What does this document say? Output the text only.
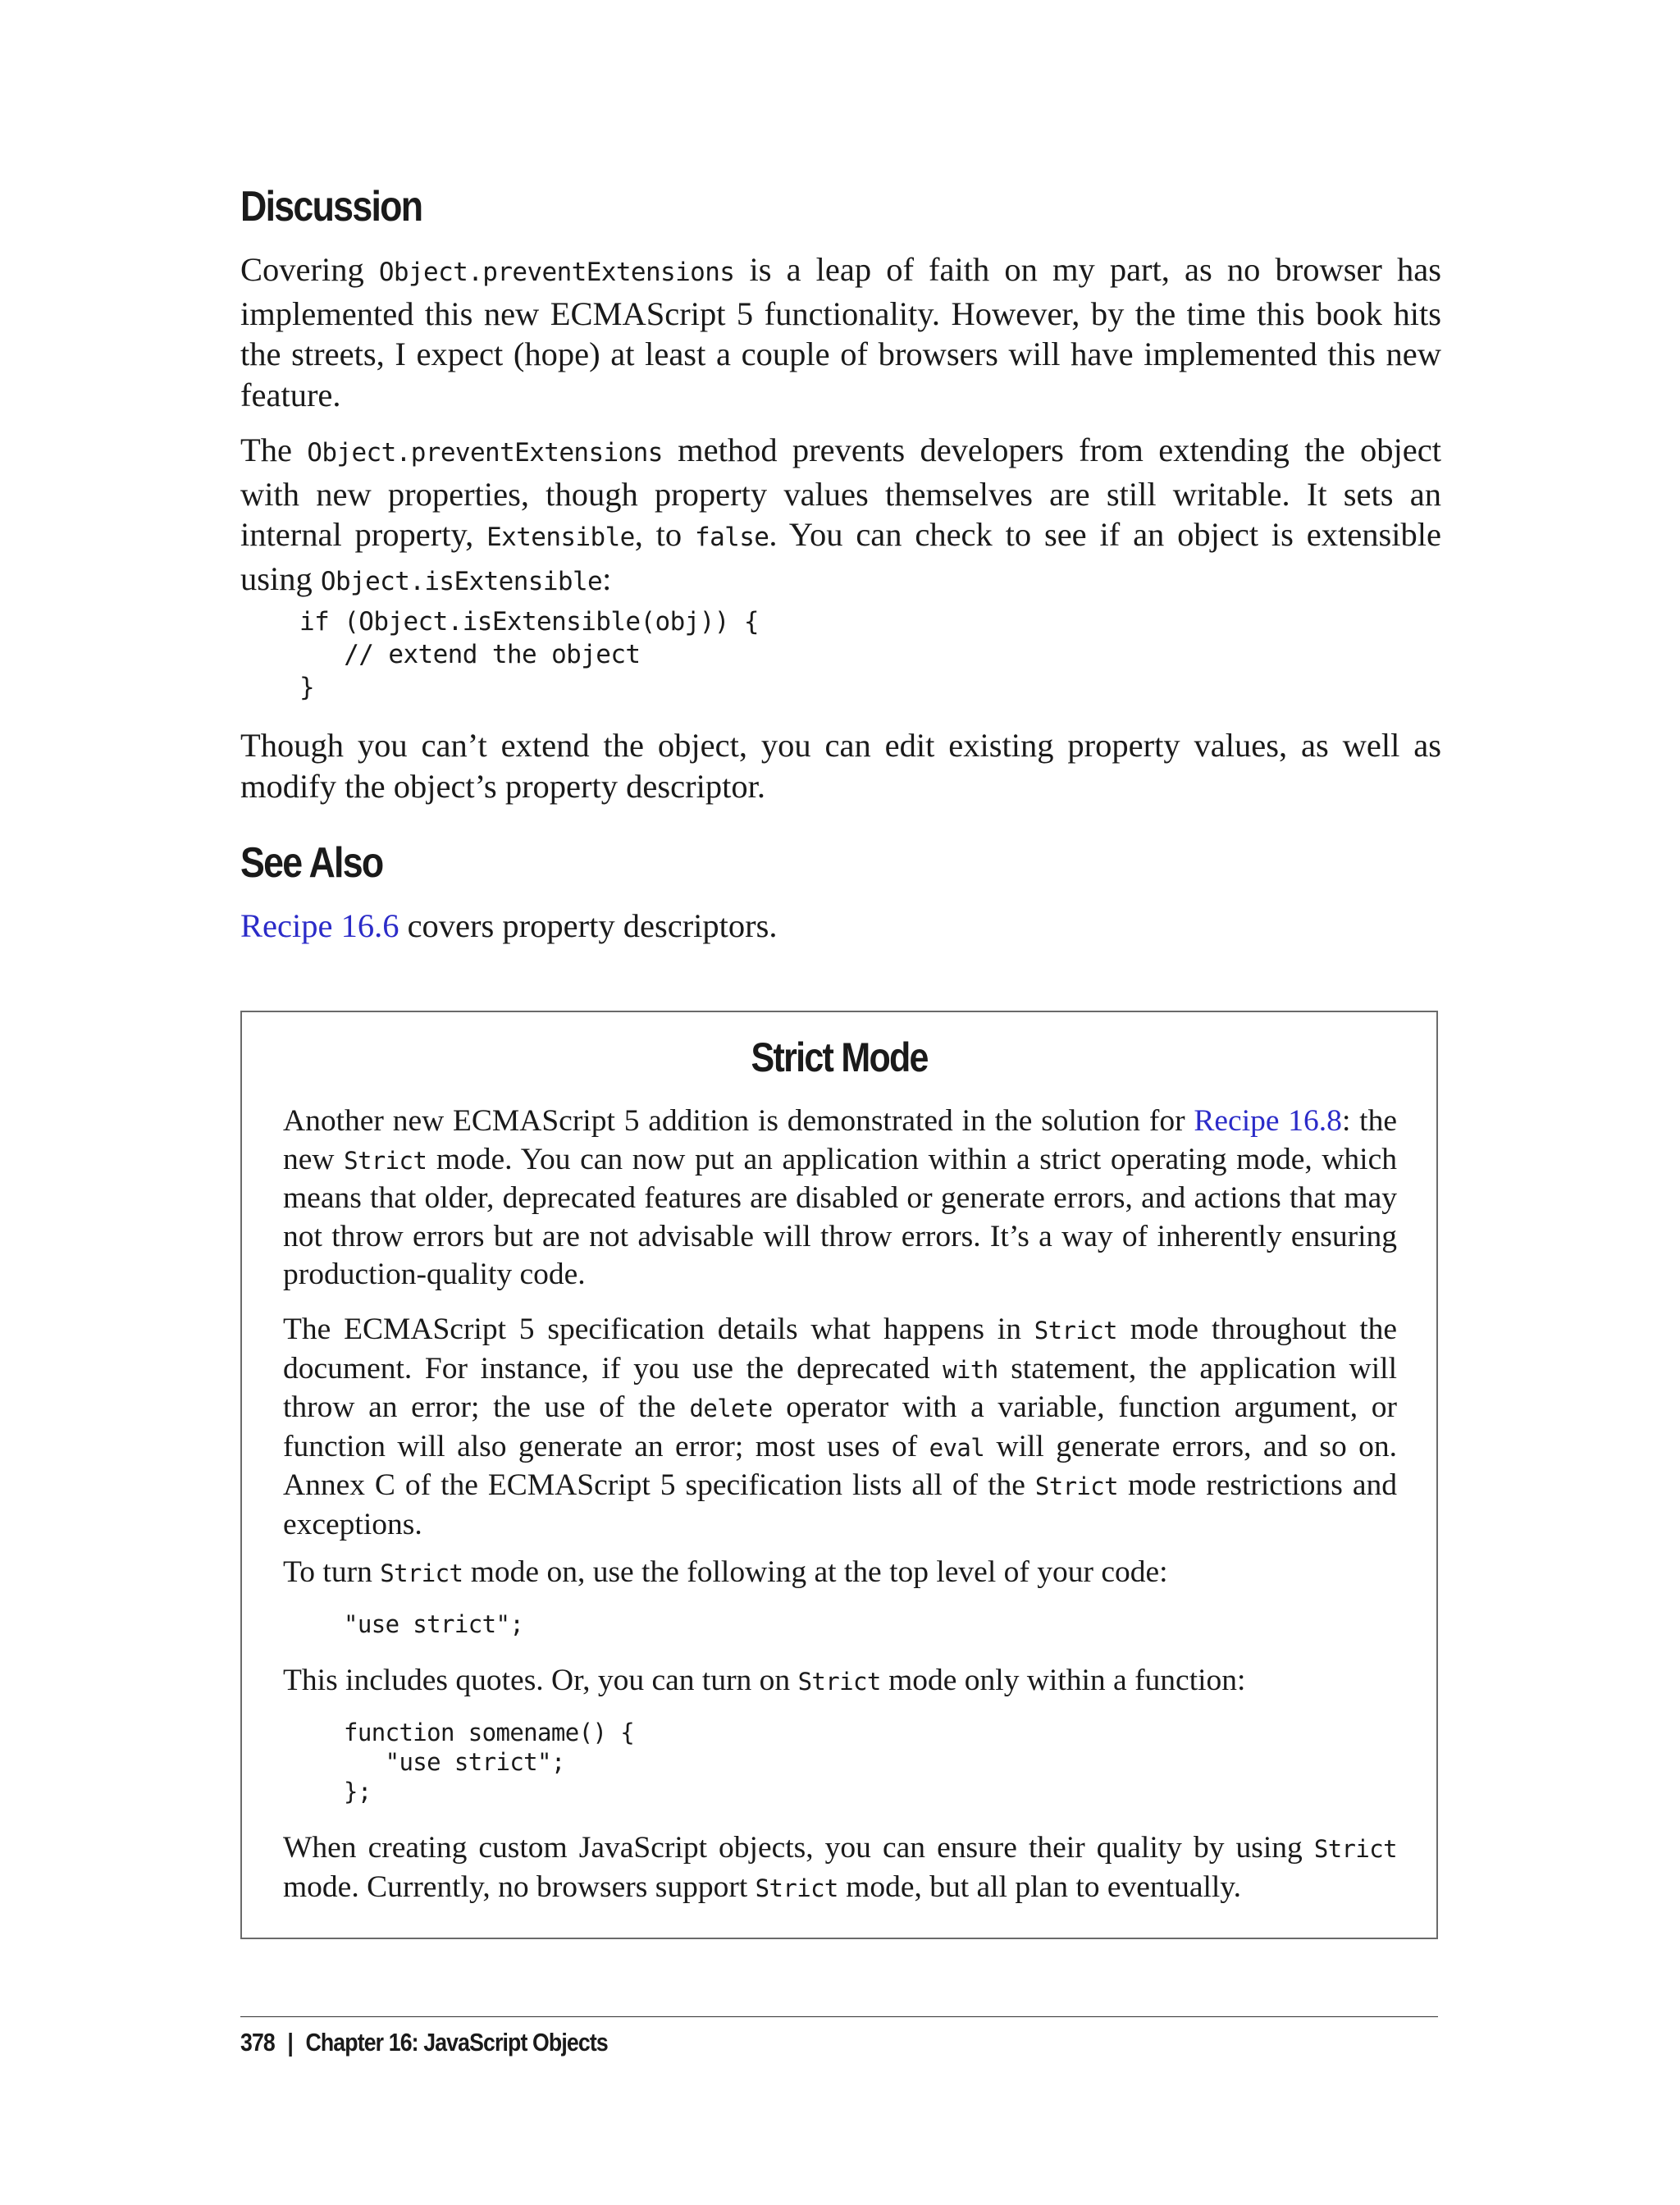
Discussion

Covering Object.preventExtensions is a leap of faith on my part, as no browser has implemented this new ECMAScript 5 functionality. However, by the time this book hits the streets, I expect (hope) at least a couple of browsers will have implemented this new feature.

The Object.preventExtensions method prevents developers from extending the object with new properties, though property values themselves are still writable. It sets an internal property, Extensible, to false. You can check to see if an object is extensible using Object.isExtensible:

if (Object.isExtensible(obj)) {
// extend the object
}

Though you can’t extend the object, you can edit existing property values, as well as modify the object’s property descriptor.

See Also

Recipe 16.6 covers property descriptors.

Strict Mode

Another new ECMAScript 5 addition is demonstrated in the solution for Recipe 16.8: the new Strict mode. You can now put an application within a strict operating mode, which means that older, deprecated features are disabled or generate errors, and actions that may not throw errors but are not advisable will throw errors. It’s a way of inherently ensuring production-quality code.

The ECMAScript 5 specification details what happens in Strict mode throughout the document. For instance, if you use the deprecated with statement, the application will throw an error; the use of the delete operator with a variable, function argument, or function will also generate an error; most uses of eval will generate errors, and so on. Annex C of the ECMAScript 5 specification lists all of the Strict mode restrictions and exceptions.

To turn Strict mode on, use the following at the top level of your code:

"use strict";

This includes quotes. Or, you can turn on Strict mode only within a function:

function somename() {
"use strict";
};

When creating custom JavaScript objects, you can ensure their quality by using Strict mode. Currently, no browsers support Strict mode, but all plan to eventually.

378 | Chapter 16: JavaScript Objects
